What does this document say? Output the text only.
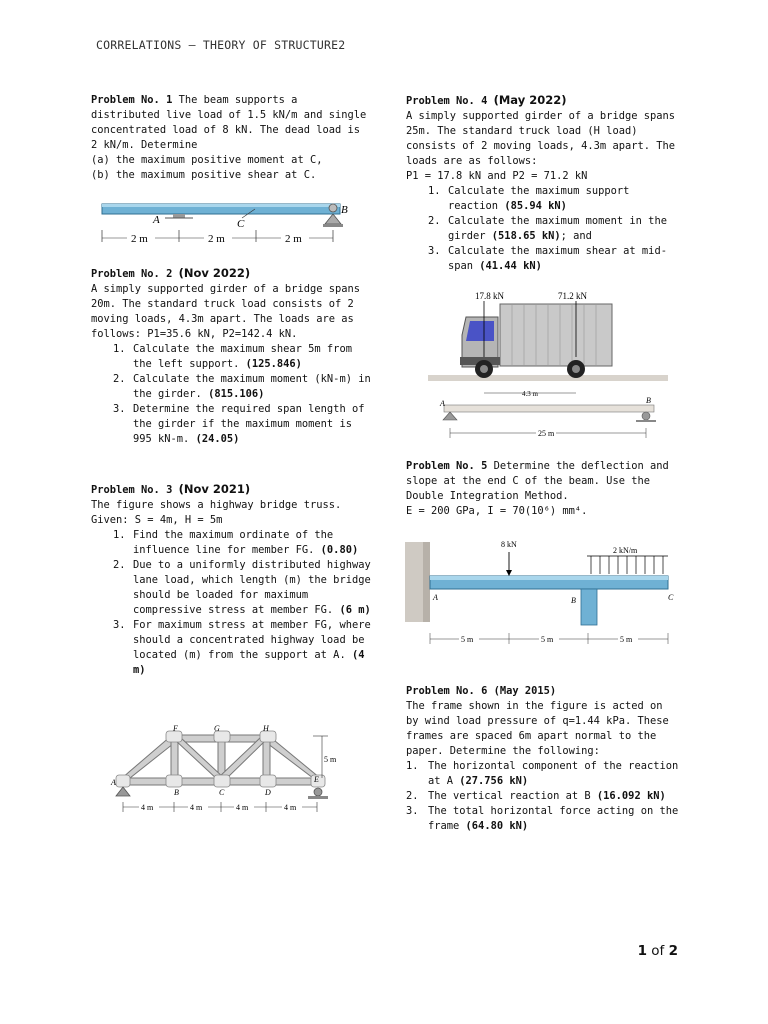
CORRELATIONS – THEORY OF STRUCTURE2

Problem No. 1 The beam supports a distributed live load of 1.5 kN/m and single concentrated load of 8 kN. The dead load is 2 kN/m. Determine

(a) the maximum positive moment at C,

(b) the maximum positive shear at C.

A
B
C
2 m	2 m	2 m

Problem No. 2 (Nov 2022)

A simply supported girder of a bridge spans 20m. The standard truck load consists of 2 moving loads, 4.3m apart. The loads are as follows: P1=35.6 kN, P2=142.4 kN.

1. Calculate the maximum shear 5m from the left support. (125.846)
2. Calculate the maximum moment (kN-m) in the girder. (815.106)
3. Determine the required span length of the girder if the maximum moment is 995 kN-m. (24.05)

Problem No. 3 (Nov 2021)

The figure shows a highway bridge truss. Given: S = 4m, H = 5m

1. Find the maximum ordinate of the influence line for member FG. (0.80)
2. Due to a uniformly distributed highway lane load, which length (m) the bridge should be loaded for maximum compressive stress at member FG. (6 m)
3. For maximum stress at member FG, where should a concentrated highway load be located (m) from the support at A. (4 m)
F	G	H
A
B	C	D
E
5 m
4 m	4 m	4 m	4 m

Problem No. 4 (May 2022)

A simply supported girder of a bridge spans 25m. The standard truck load (H load) consists of 2 moving loads, 4.3m apart. The loads are as follows:
P1 = 17.8 kN and P2 = 71.2 kN

1. Calculate the maximum support reaction (85.94 kN)
2. Calculate the maximum moment in the girder (518.65 kN); and
3. Calculate the maximum shear at mid-span (41.44 kN)
17.8 kN	71.2 kN
4.3 m
A	B
25 m

Problem No. 5 Determine the deflection and slope at the end C of the beam. Use the Double Integration Method.
E = 200 GPa, I = 70(10⁶) mm⁴.

8 kN
2 kN/m
A	B	C
5 m	5 m	5 m

Problem No. 6 (May 2015)

The frame shown in the figure is acted on by wind load pressure of q=1.44 kPa. These frames are spaced 6m apart normal to the paper. Determine the following:

1. The horizontal component of the reaction at A (27.756 kN)
2. The vertical reaction at B (16.092 kN)
3. The total horizontal force acting on the frame (64.80 kN)
1 of 2
